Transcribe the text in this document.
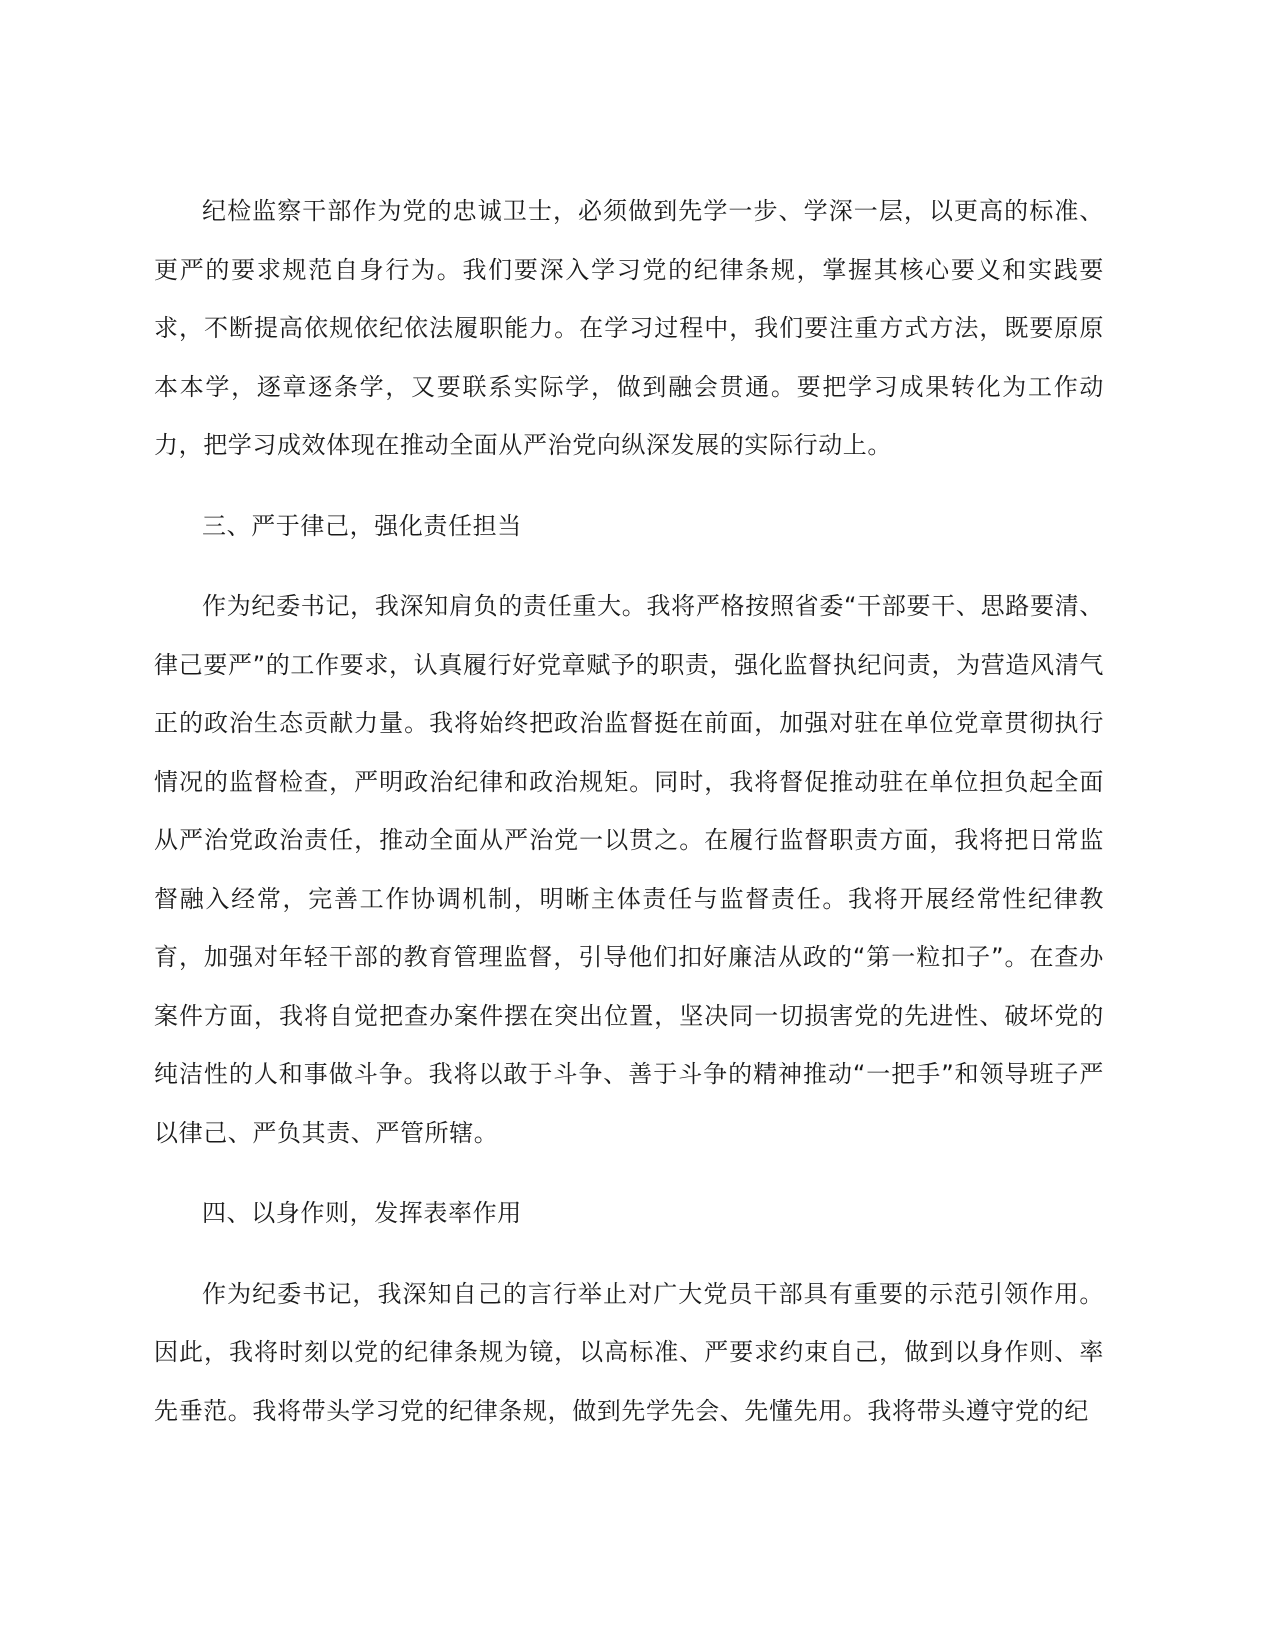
纪检监察干部作为党的忠诚卫士，必须做到先学一步、学深一层，以更高的标准、更严的要求规范自身行为。我们要深入学习党的纪律条规，掌握其核心要义和实践要求，不断提高依规依纪依法履职能力。在学习过程中，我们要注重方式方法，既要原原本本学，逐章逐条学，又要联系实际学，做到融会贯通。要把学习成果转化为工作动力，把学习成效体现在推动全面从严治党向纵深发展的实际行动上。

三、严于律己，强化责任担当

作为纪委书记，我深知肩负的责任重大。我将严格按照省委“干部要干、思路要清、律己要严”的工作要求，认真履行好党章赋予的职责，强化监督执纪问责，为营造风清气正的政治生态贡献力量。我将始终把政治监督挺在前面，加强对驻在单位党章贯彻执行情况的监督检查，严明政治纪律和政治规矩。同时，我将督促推动驻在单位担负起全面从严治党政治责任，推动全面从严治党一以贯之。在履行监督职责方面，我将把日常监督融入经常，完善工作协调机制，明晰主体责任与监督责任。我将开展经常性纪律教育，加强对年轻干部的教育管理监督，引导他们扣好廉洁从政的“第一粒扣子”。在查办案件方面，我将自觉把查办案件摆在突出位置，坚决同一切损害党的先进性、破坏党的纯洁性的人和事做斗争。我将以敢于斗争、善于斗争的精神推动“一把手”和领导班子严以律己、严负其责、严管所辖。

四、以身作则，发挥表率作用

作为纪委书记，我深知自己的言行举止对广大党员干部具有重要的示范引领作用。因此，我将时刻以党的纪律条规为镜，以高标准、严要求约束自己，做到以身作则、率先垂范。我将带头学习党的纪律条规，做到先学先会、先懂先用。我将带头遵守党的纪
